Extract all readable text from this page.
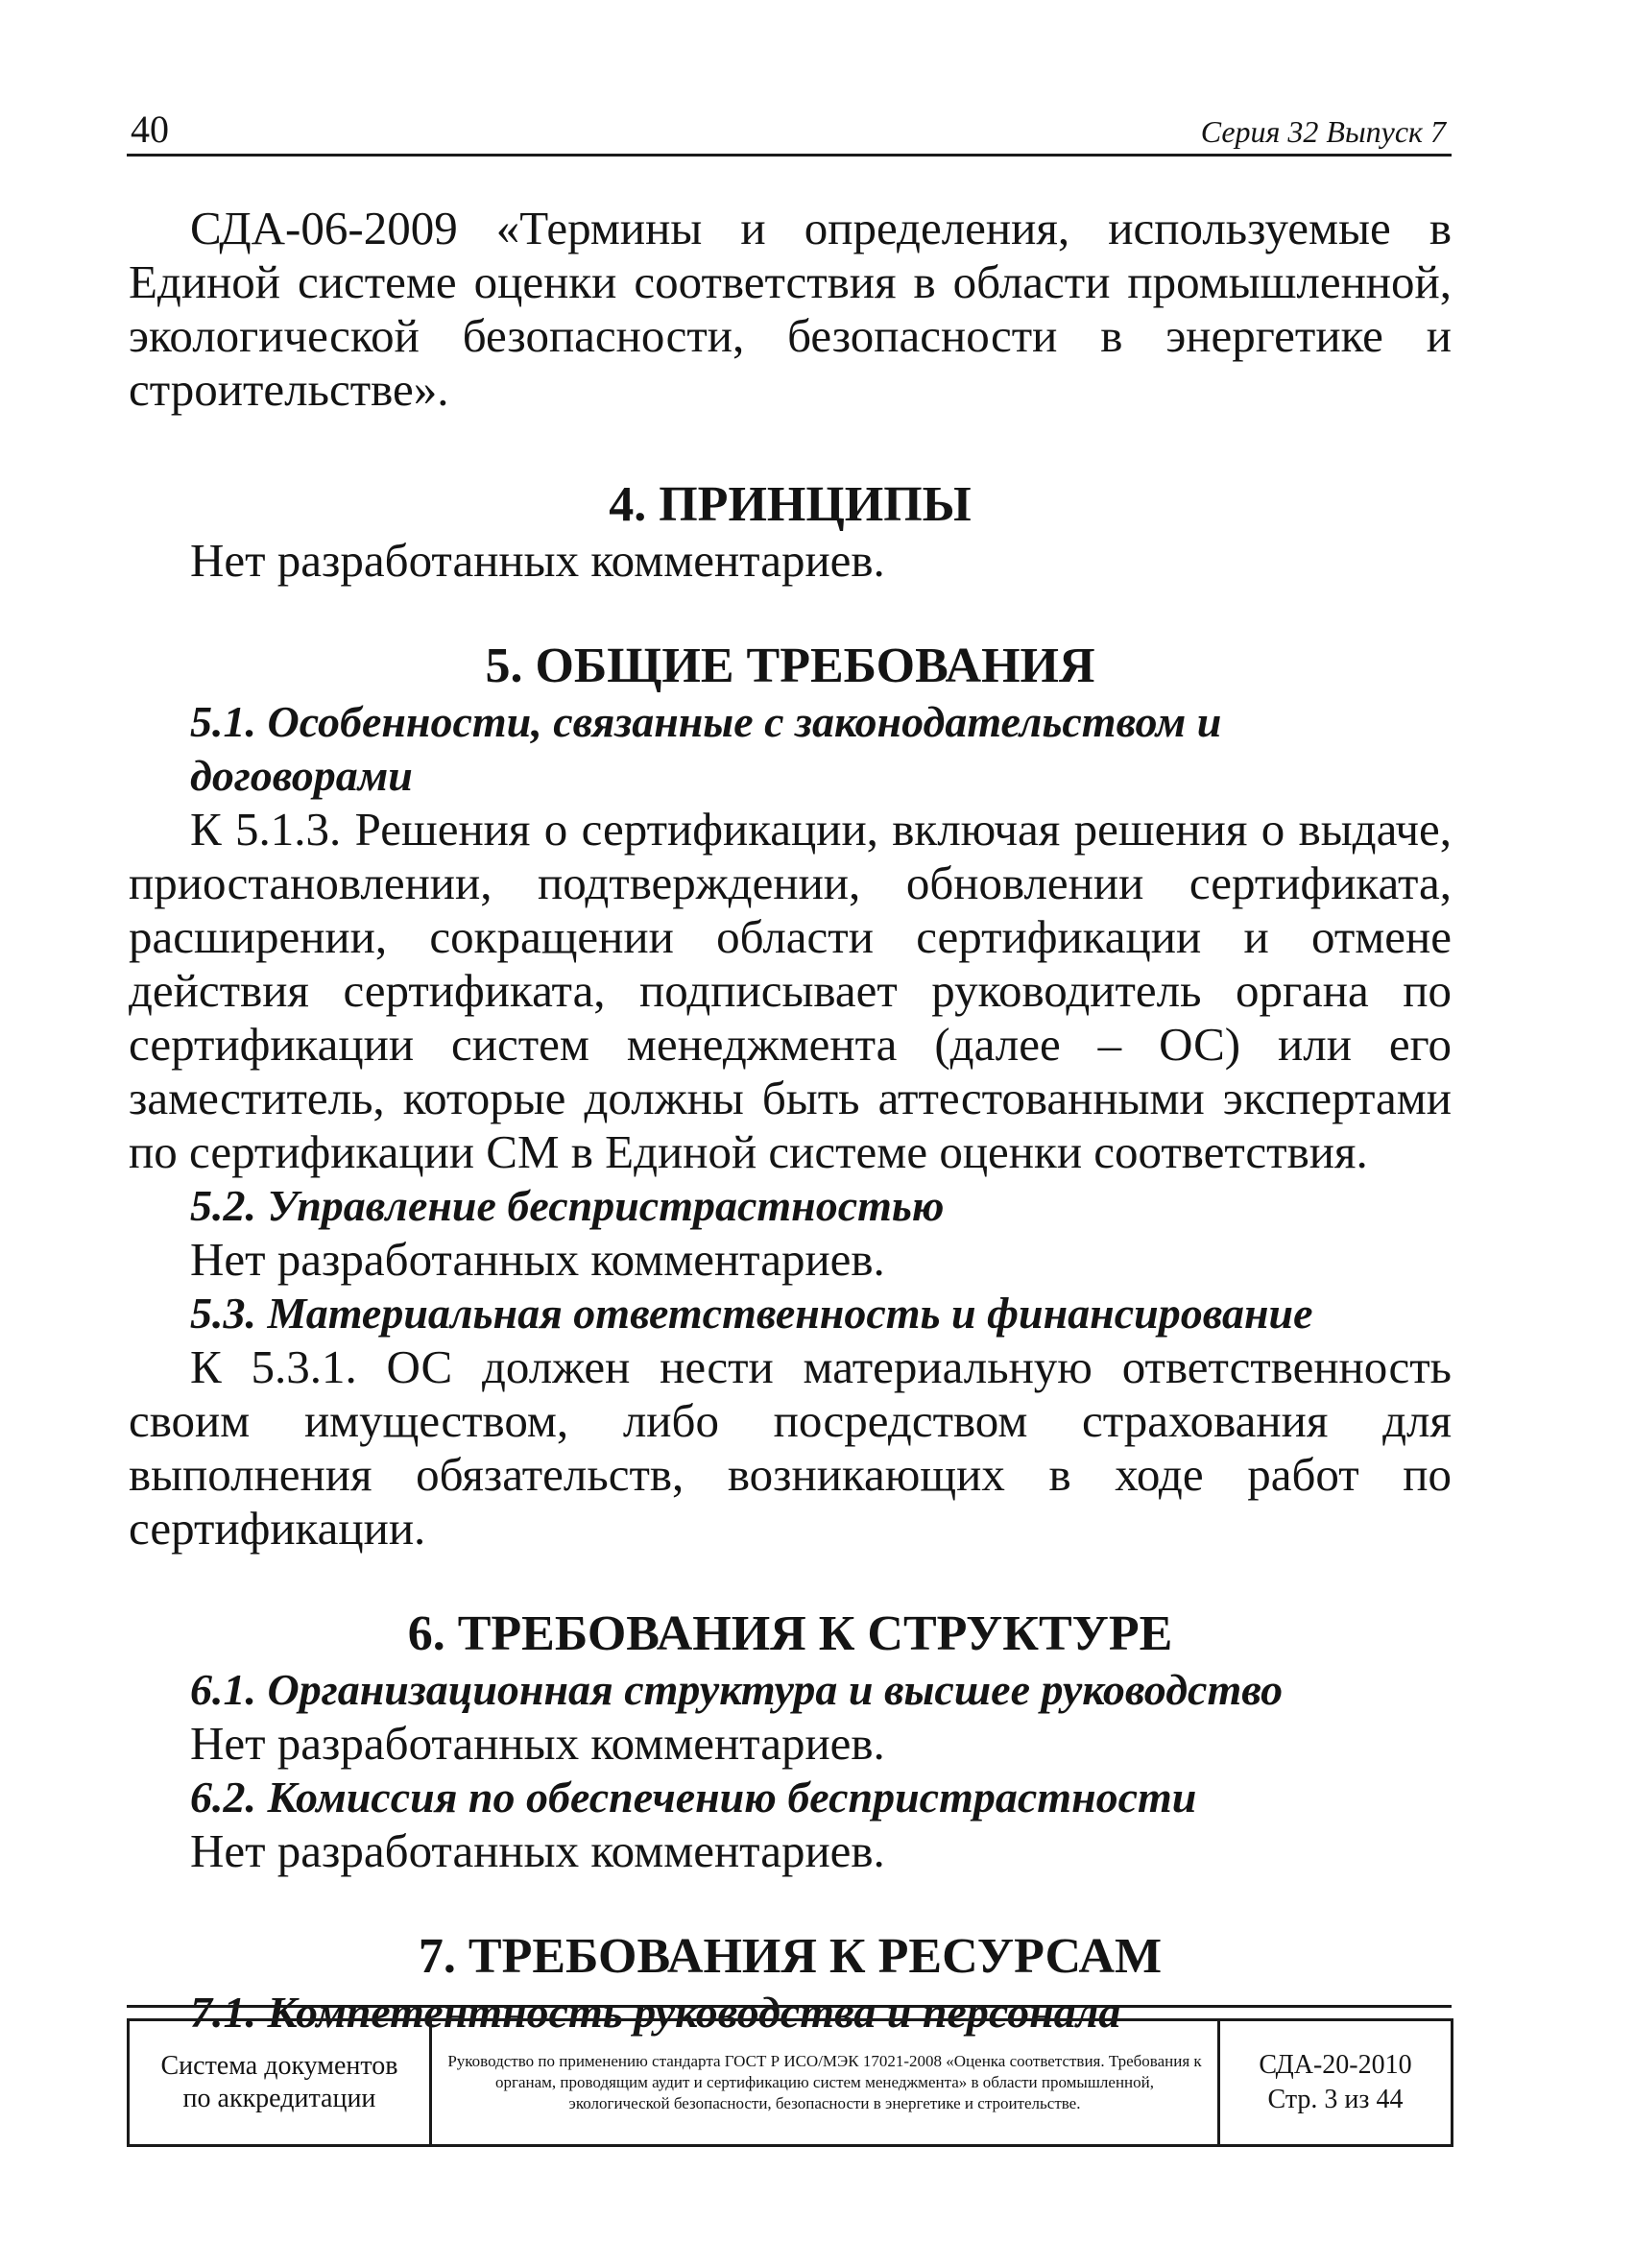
40	Серия 32 Выпуск 7

СДА-06-2009 «Термины и определения, используемые в Единой системе оценки соответствия в области промышленной, экологической безопасности, безопасности в энергетике и строительстве».

4. ПРИНЦИПЫ

Нет разработанных комментариев.

5. ОБЩИЕ ТРЕБОВАНИЯ
5.1. Особенности, связанные с законодательством и договорами

К 5.1.3. Решения о сертификации, включая решения о выдаче, приостановлении, подтверждении, обновлении сертификата, расширении, сокращении области сертификации и отмене действия сертификата, подписывает руководитель органа по сертификации систем менеджмента (далее – ОС) или его заместитель, которые должны быть аттестованными экспертами по сертификации СМ в Единой системе оценки соответствия.

5.2. Управление беспристрастностью

Нет разработанных комментариев.

5.3. Материальная ответственность и финансирование

К 5.3.1. ОС должен нести материальную ответственность своим имуществом, либо посредством страхования для выполнения обязательств, возникающих в ходе работ по сертификации.

6. ТРЕБОВАНИЯ К СТРУКТУРЕ
6.1. Организационная структура и высшее руководство

Нет разработанных комментариев.

6.2. Комиссия по обеспечению беспристрастности

Нет разработанных комментариев.

7. ТРЕБОВАНИЯ К РЕСУРСАМ
7.1. Компетентность руководства и персонала
Система документов
по аккредитации
Руководство по применению стандарта ГОСТ Р ИСО/МЭК 17021-2008 «Оценка соответствия. Требования к органам, проводящим аудит и сертификацию систем менеджмента» в области промышленной, экологической безопасности, безопасности в энергетике и строительстве.
СДА-20-2010
Стр. 3 из 44
